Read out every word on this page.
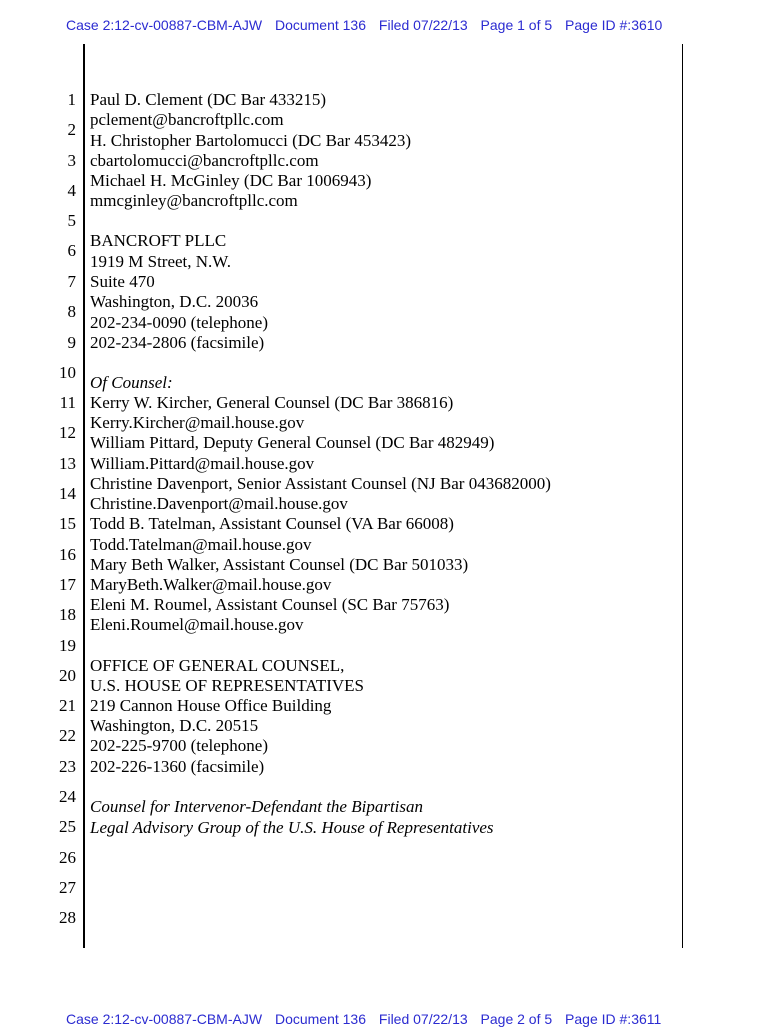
Case 2:12-cv-00887-CBM-AJW Document 136 Filed 07/22/13 Page 1 of 5 Page ID #:3610
1
2
3
4
5
6
7
8
9
10
11
12
13
14
15
16
17
18
19
20
21
22
23
24
25
26
27
28
Paul D. Clement (DC Bar 433215)
pclement@bancroftpllc.com
H. Christopher Bartolomucci (DC Bar 453423)
cbartolomucci@bancroftpllc.com
Michael H. McGinley (DC Bar 1006943)
mmcginley@bancroftpllc.com
BANCROFT PLLC
1919 M Street, N.W.
Suite 470
Washington, D.C. 20036
202-234-0090 (telephone)
202-234-2806 (facsimile)
Of Counsel:
Kerry W. Kircher, General Counsel (DC Bar 386816)
Kerry.Kircher@mail.house.gov
William Pittard, Deputy General Counsel (DC Bar 482949)
William.Pittard@mail.house.gov
Christine Davenport, Senior Assistant Counsel (NJ Bar 043682000)
Christine.Davenport@mail.house.gov
Todd B. Tatelman, Assistant Counsel (VA Bar 66008)
Todd.Tatelman@mail.house.gov
Mary Beth Walker, Assistant Counsel (DC Bar 501033)
MaryBeth.Walker@mail.house.gov
Eleni M. Roumel, Assistant Counsel (SC Bar 75763)
Eleni.Roumel@mail.house.gov
OFFICE OF GENERAL COUNSEL,
U.S. HOUSE OF REPRESENTATIVES
219 Cannon House Office Building
Washington, D.C. 20515
202-225-9700 (telephone)
202-226-1360 (facsimile)
Counsel for Intervenor-Defendant the Bipartisan
Legal Advisory Group of the U.S. House of Representatives
Case 2:12-cv-00887-CBM-AJW Document 136 Filed 07/22/13 Page 2 of 5 Page ID #:3611
